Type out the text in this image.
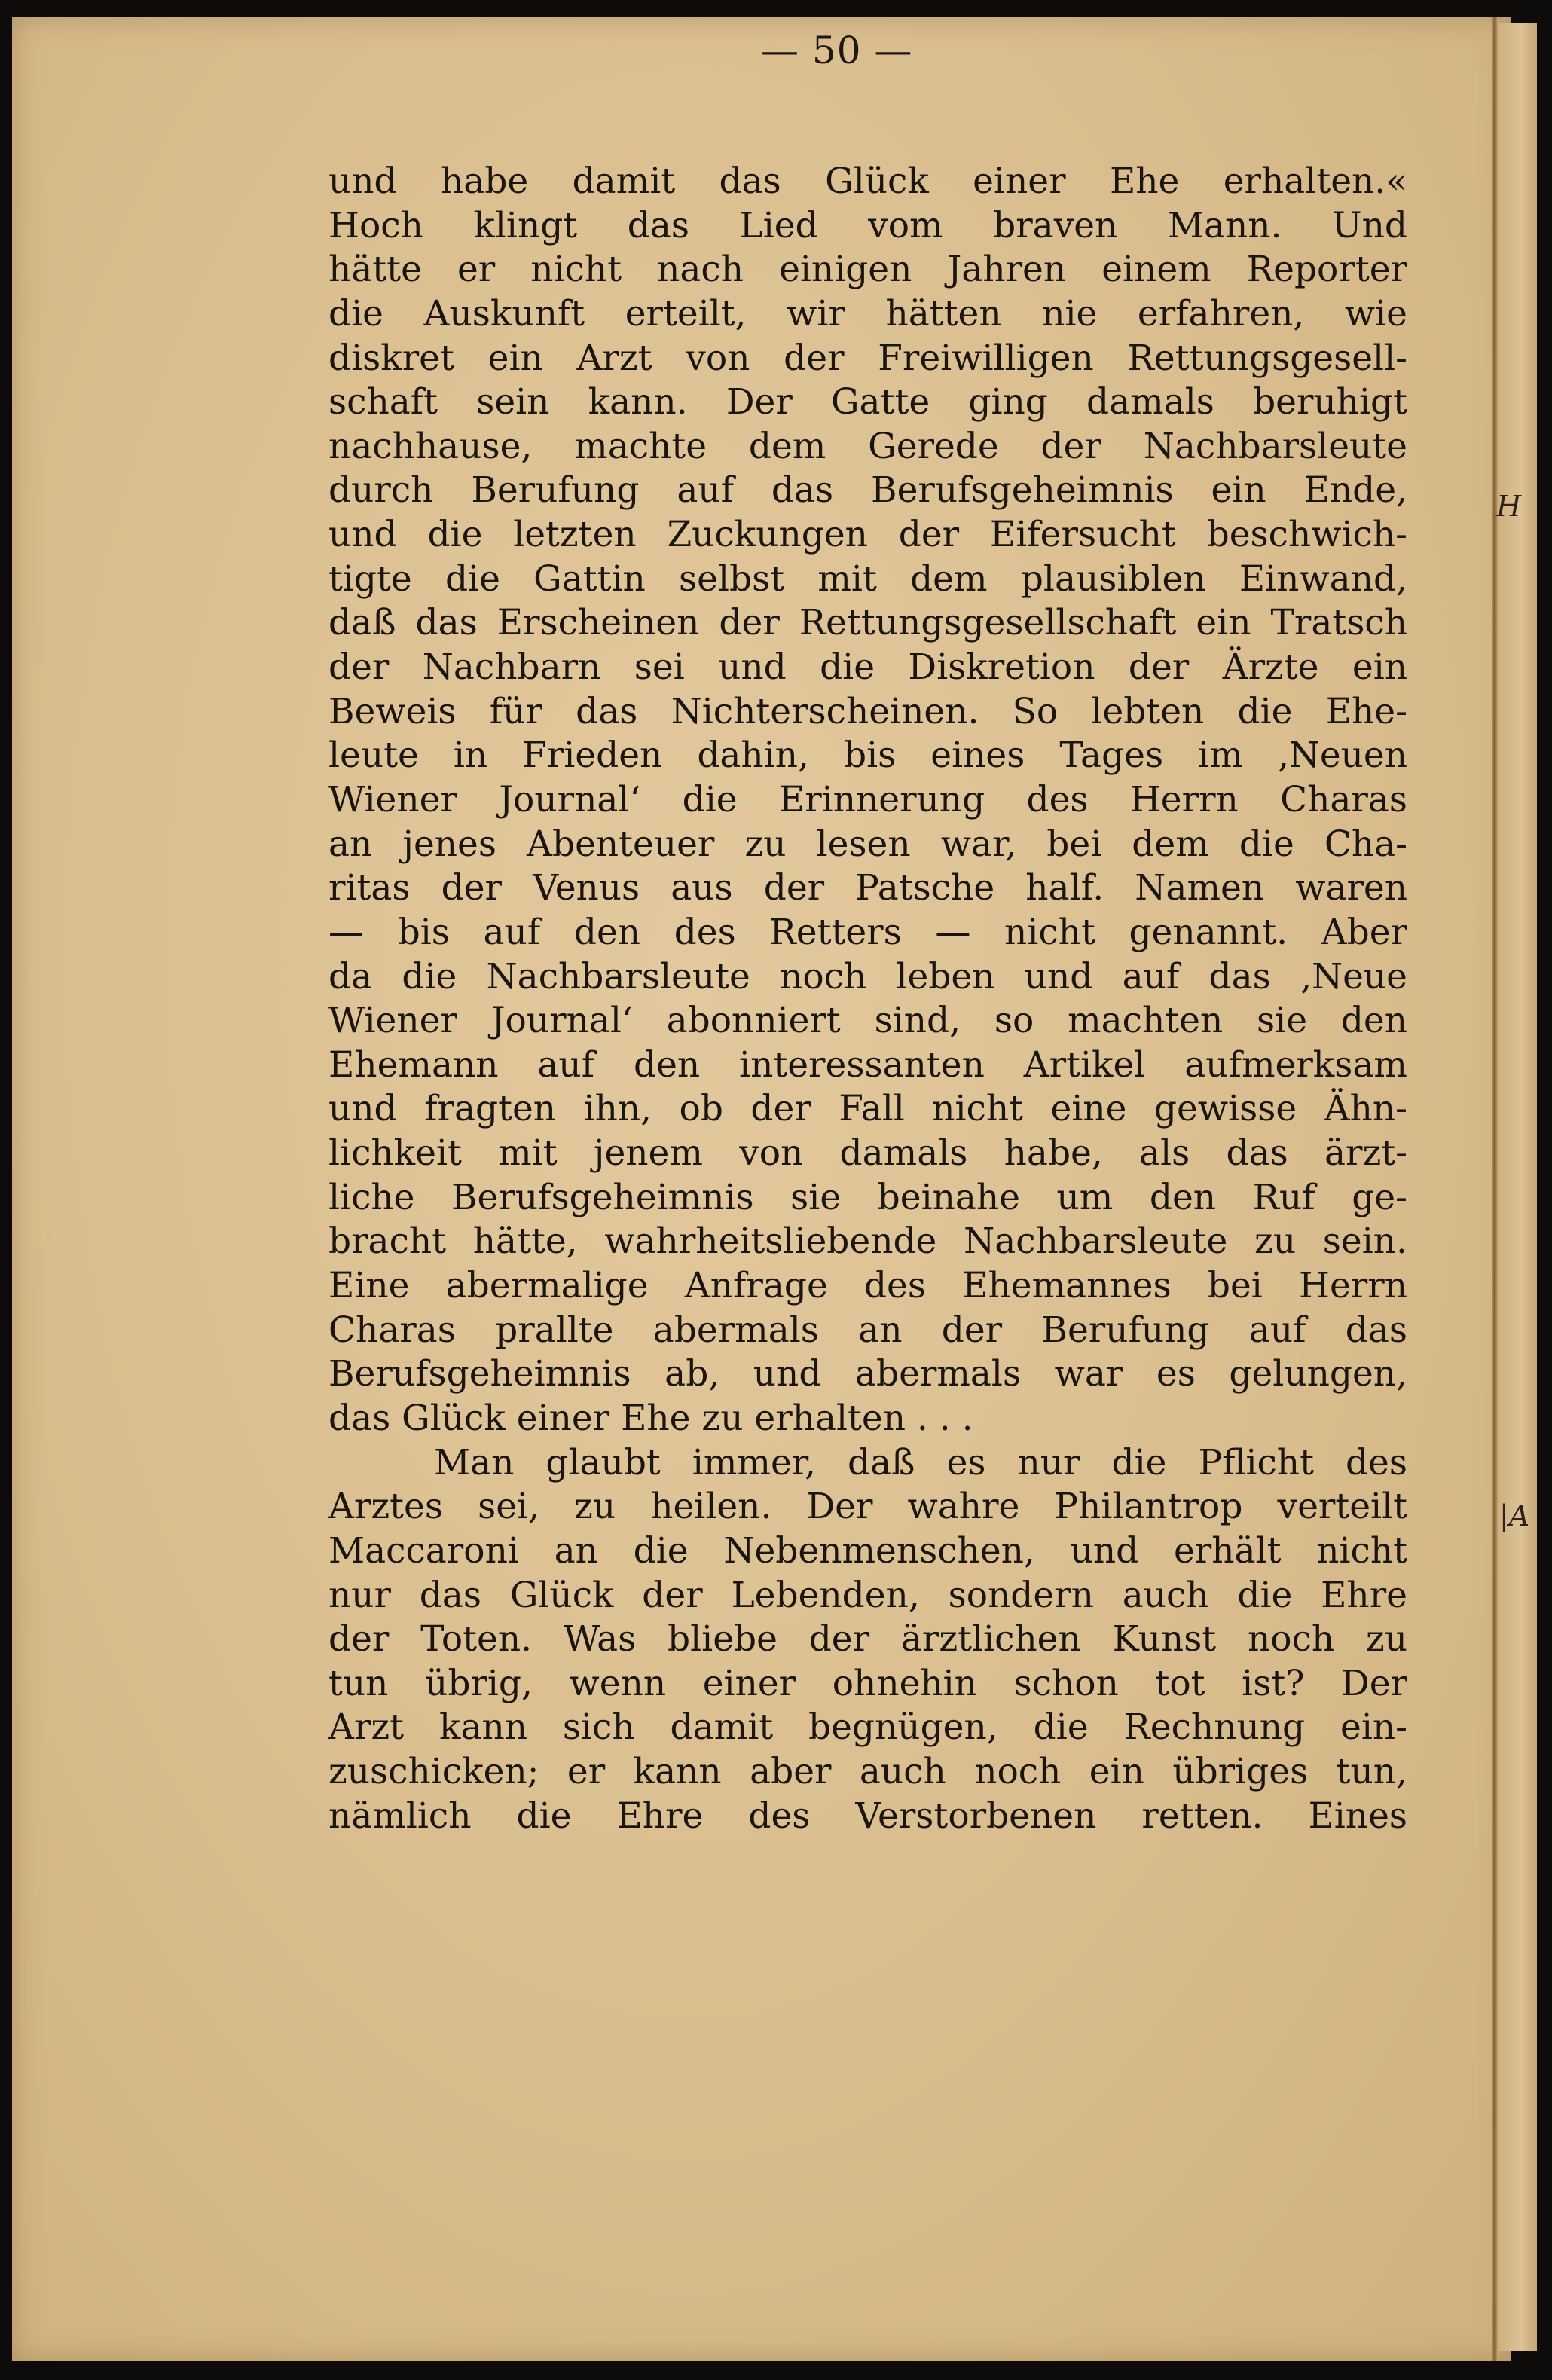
— 50 —
H
|A
und habe damit das Glück einer Ehe erhalten.«
Hoch klingt das Lied vom braven Mann. Und
hätte er nicht nach einigen Jahren einem Reporter
die Auskunft erteilt, wir hätten nie erfahren, wie
diskret ein Arzt von der Freiwilligen Rettungsgesell-
schaft sein kann. Der Gatte ging damals beruhigt
nachhause, machte dem Gerede der Nachbarsleute
durch Berufung auf das Berufsgeheimnis ein Ende,
und die letzten Zuckungen der Eifersucht beschwich-
tigte die Gattin selbst mit dem plausiblen Einwand,
daß das Erscheinen der Rettungsgesellschaft ein Tratsch
der Nachbarn sei und die Diskretion der Ärzte ein
Beweis für das Nichterscheinen. So lebten die Ehe-
leute in Frieden dahin, bis eines Tages im ‚Neuen
Wiener Journal‘ die Erinnerung des Herrn Charas
an jenes Abenteuer zu lesen war, bei dem die Cha-
ritas der Venus aus der Patsche half. Namen waren
— bis auf den des Retters — nicht genannt. Aber
da die Nachbarsleute noch leben und auf das ‚Neue
Wiener Journal‘ abonniert sind, so machten sie den
Ehemann auf den interessanten Artikel aufmerksam
und fragten ihn, ob der Fall nicht eine gewisse Ähn-
lichkeit mit jenem von damals habe, als das ärzt-
liche Berufsgeheimnis sie beinahe um den Ruf ge-
bracht hätte, wahrheitsliebende Nachbarsleute zu sein.
Eine abermalige Anfrage des Ehemannes bei Herrn
Charas prallte abermals an der Berufung auf das
Berufsgeheimnis ab, und abermals war es gelungen,
das Glück einer Ehe zu erhalten . . .
Man glaubt immer, daß es nur die Pflicht des
Arztes sei, zu heilen. Der wahre Philantrop verteilt
Maccaroni an die Nebenmenschen, und erhält nicht
nur das Glück der Lebenden, sondern auch die Ehre
der Toten. Was bliebe der ärztlichen Kunst noch zu
tun übrig, wenn einer ohnehin schon tot ist? Der
Arzt kann sich damit begnügen, die Rechnung ein-
zuschicken; er kann aber auch noch ein übriges tun,
nämlich die Ehre des Verstorbenen retten. Eines
